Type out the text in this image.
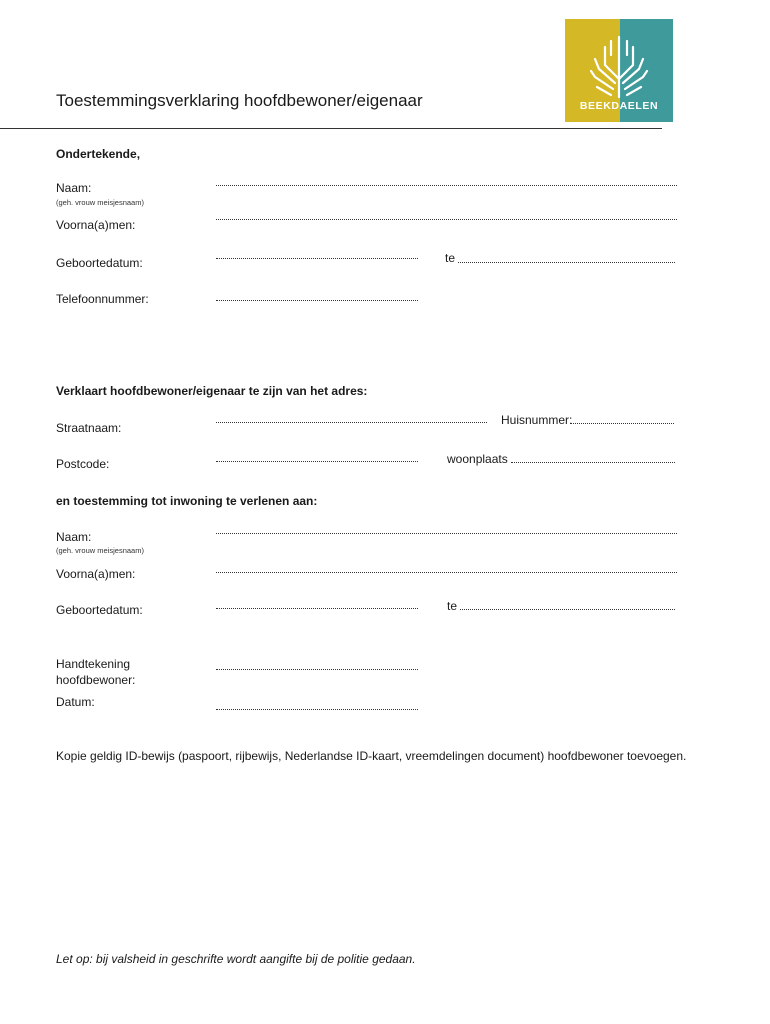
BEEKDAELEN
Toestemmingsverklaring hoofdbewoner/eigenaar
Ondertekende,
Naam:
(geh. vrouw meisjesnaam)
Voorna(a)men:
Geboortedatum:	te
Telefoonnummer:
Verklaart hoofdbewoner/eigenaar te zijn van het adres:
Straatnaam:
Huisnummer:
Postcode:	woonplaats
en toestemming tot inwoning te verlenen aan:
Naam:
(geh. vrouw meisjesnaam)
Voorna(a)men:
Geboortedatum:	te
Handtekening
hoofdbewoner:
Datum:
Kopie geldig ID-bewijs (paspoort, rijbewijs, Nederlandse ID-kaart, vreemdelingen document) hoofdbewoner toevoegen.
Let op: bij valsheid in geschrifte wordt aangifte bij de politie gedaan.
